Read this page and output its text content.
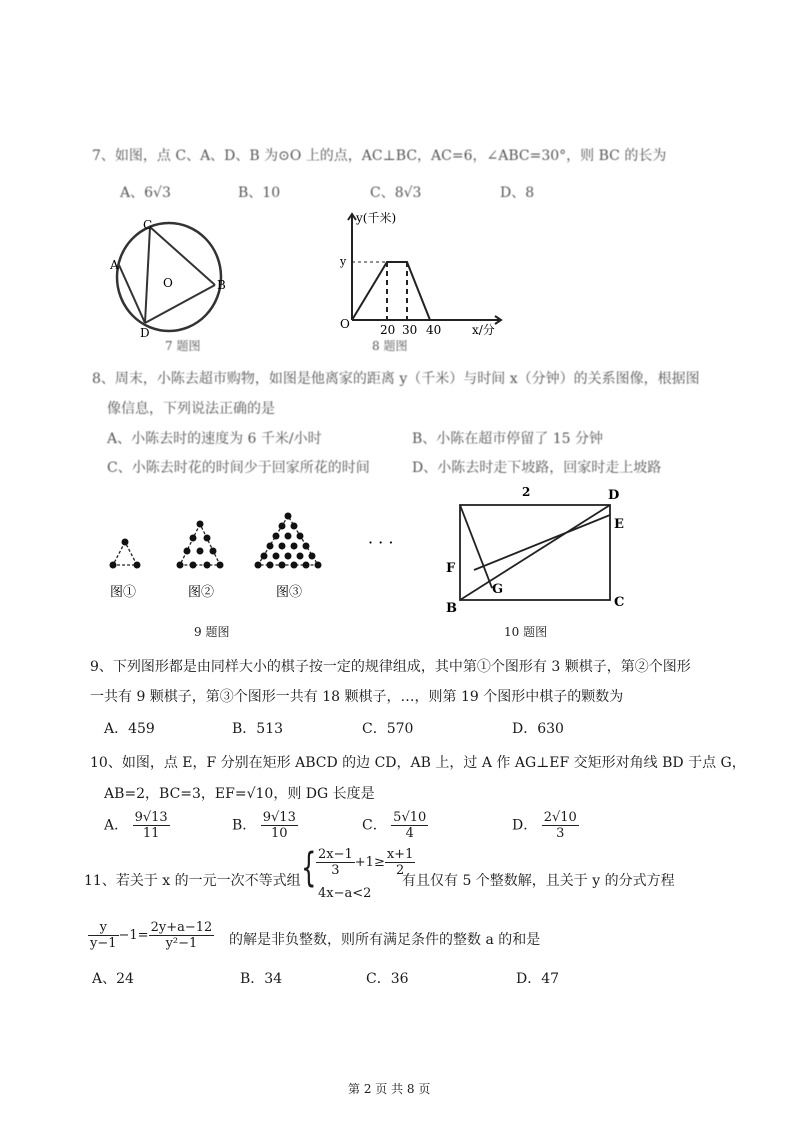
7、如图，点 C、A、D、B 为⊙O 上的点，AC⊥BC，AC=6，∠ABC=30°，则 BC 的长为
A、6√3	B、10	C、8√3	D、8
C
A
B
D
O
7 题图
y(千米)
y
O	20 30 40	x/分
8 题图
8、周末，小陈去超市购物，如图是他离家的距离 y（千米）与时间 x（分钟）的关系图像，根据图
像信息，下列说法正确的是
A、小陈去时的速度为 6 千米/小时	B、小陈在超市停留了 15 分钟
C、小陈去时花的时间少于回家所花的时间	D、小陈去时走下坡路，回家时走上坡路
图①	图②	图③
· · ·
9 题图
2	D
E
F
G
B	C
10 题图
9、下列图形都是由同样大小的棋子按一定的规律组成，其中第①个图形有 3 颗棋子，第②个图形
一共有 9 颗棋子，第③个图形一共有 18 颗棋子，…，则第 19 个图形中棋子的颗数为
A．459	B．513	C．570	D．630
10、如图，点 E，F 分别在矩形 ABCD 的边 CD，AB 上，过 A 作 AG⊥EF 交矩形对角线 BD 于点 G，
AB=2，BC=3，EF=√10，则 DG 长度是
A． $\frac{9√13}{11}$	B． $\frac{9√13}{10}$	C． $\frac{5√10}{4}$	D． $\frac{2√10}{3}$
11、若关于 x 的一元一次不等式组 { $\frac{2x-1}{3} +1\ge \frac{x+1}{2}$
4x−a<2
有且仅有 5 个整数解，且关于 y 的分式方程
$\frac{y}{y-1} -1= \frac{2y+a-12}{\text{y²−1}}$ 的解是非负整数，则所有满足条件的整数 a 的和是
A、24	B．34	C．36	D．47
第 2 页 共 8 页
